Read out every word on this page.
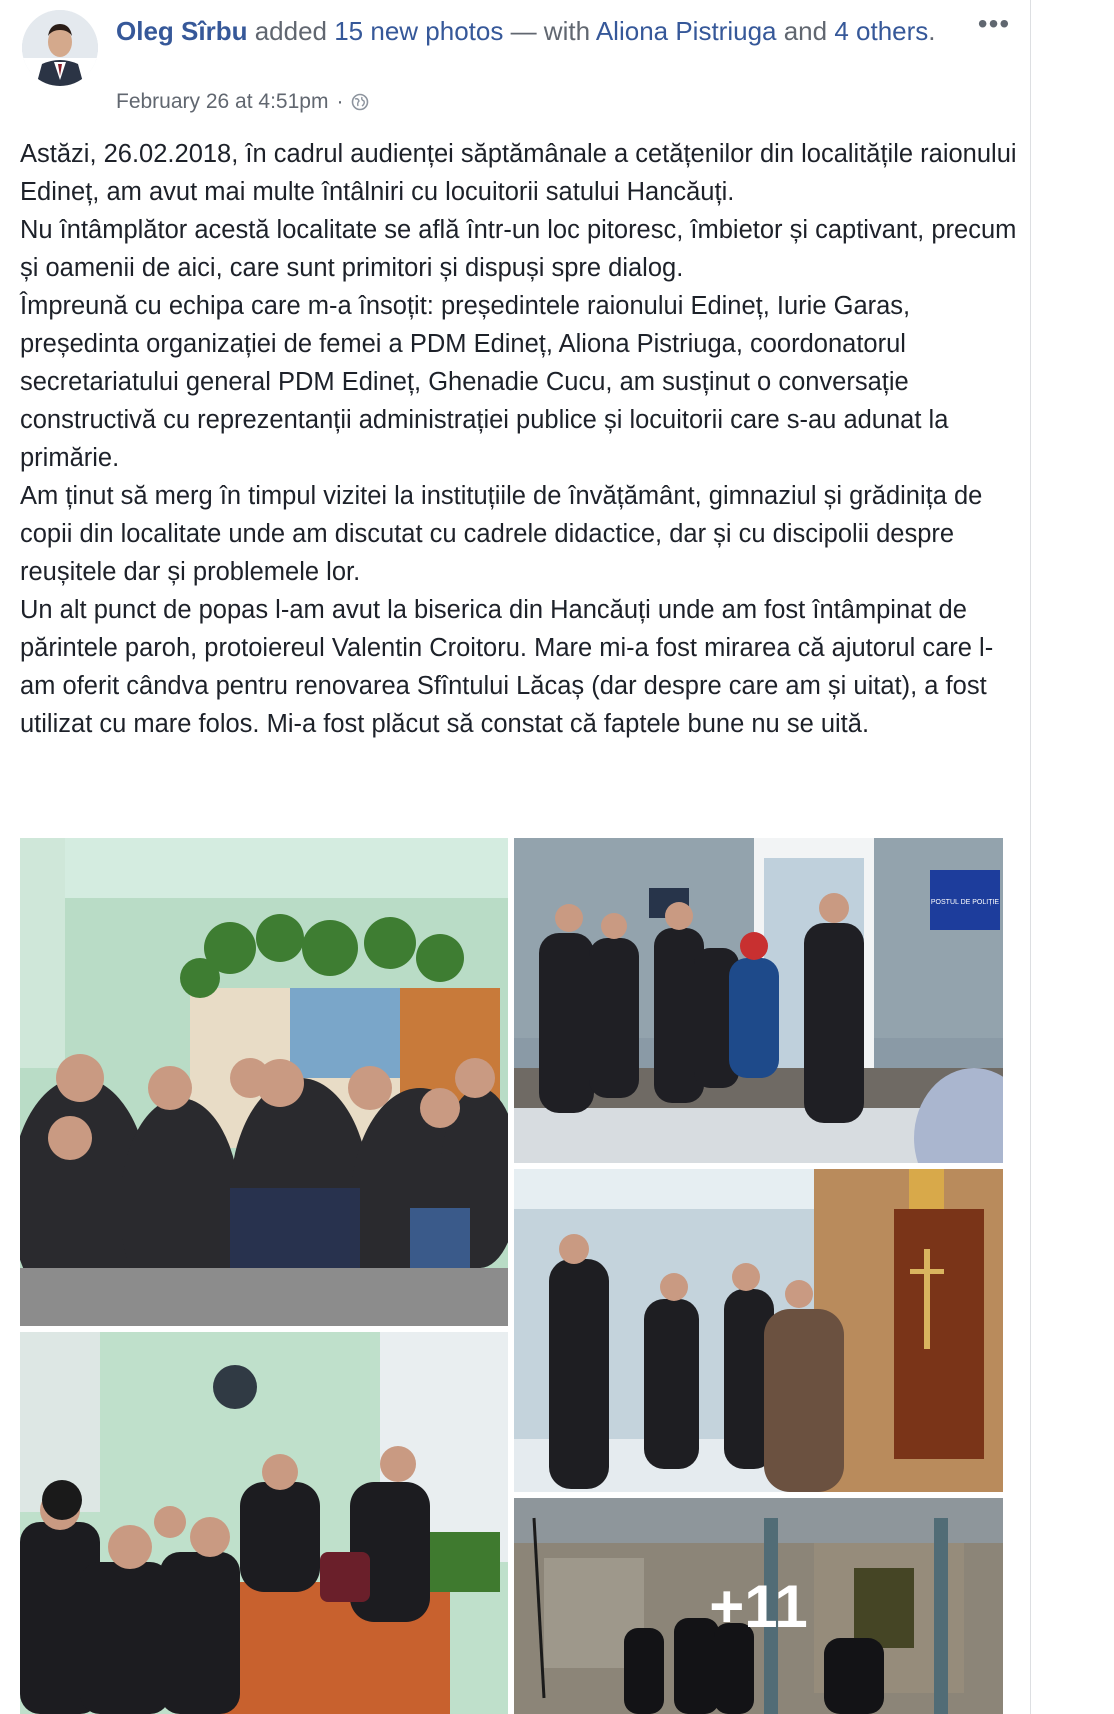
Oleg Sîrbu added 15 new photos — with Aliona Pistriuga and 4 others.
February 26 at 4:51pm ·
•••

Astăzi, 26.02.2018, în cadrul audienței săptămânale a cetățenilor din localitățile raionului Edineț, am avut mai multe întâlniri cu locuitorii satului Hancăuți.

Nu întâmplător acestă localitate se află într-un loc pitoresc, îmbietor și captivant, precum și oamenii de aici, care sunt primitori și dispuși spre dialog.

Împreună cu echipa care m-a însoțit: președintele raionului Edineț, Iurie Garas, președinta organizației de femei a PDM Edineț, Aliona Pistriuga, coordonatorul secretariatului general PDM Edineț, Ghenadie Cucu, am susținut o conversație constructivă cu reprezentanții administrației publice și locuitorii care s-au adunat la primărie.

Am ținut să merg în timpul vizitei la instituțiile de învățământ, gimnaziul și grădinița de copii din localitate unde am discutat cu cadrele didactice, dar și cu discipolii despre reușitele dar și problemele lor.

Un alt punct de popas l-am avut la biserica din Hancăuți unde am fost întâmpinat de părintele paroh, protoiereul Valentin Croitoru. Mare mi-a fost mirarea că ajutorul care l-am oferit cândva pentru renovarea Sfîntului Lăcaș (dar despre care am și uitat), a fost utilizat cu mare folos. Mi-a fost plăcut să constat că faptele bune nu se uită.

POSTUL DE POLIȚIE
+11
